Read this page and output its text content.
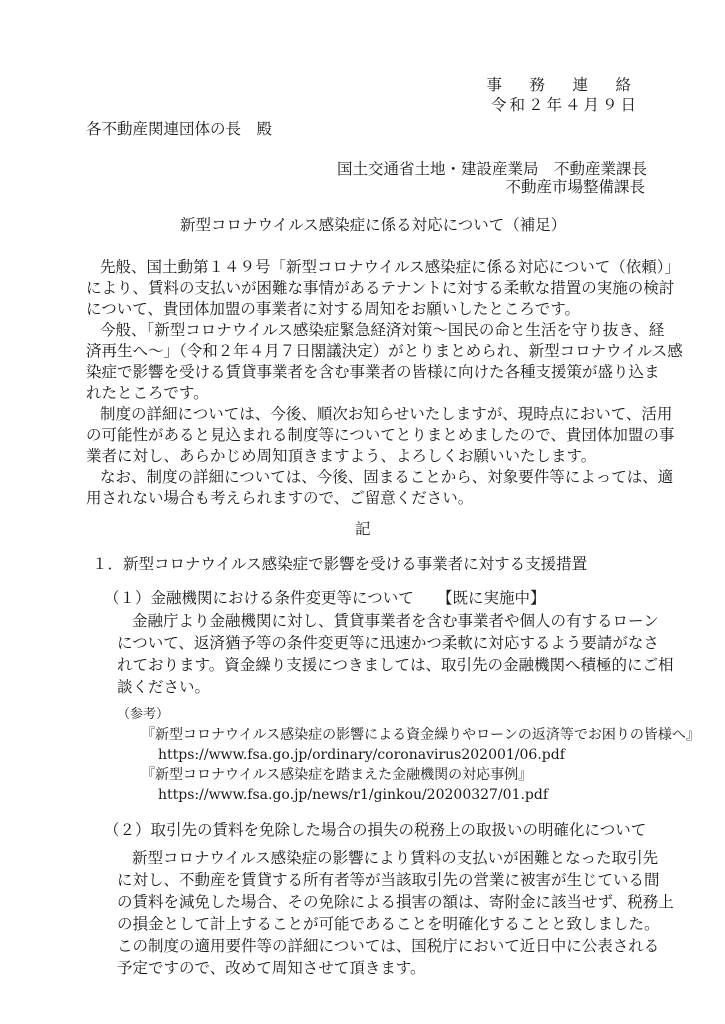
事　務　連　絡
令和２年４月９日
各不動産関連団体の長　殿
国土交通省土地・建設産業局　不動産業課長
不動産市場整備課長
新型コロナウイルス感染症に係る対応について（補足）
先般、国土動第１４９号「新型コロナウイルス感染症に係る対応について（依頼）」
により、賃料の支払いが困難な事情があるテナントに対する柔軟な措置の実施の検討
について、貴団体加盟の事業者に対する周知をお願いしたところです。
今般、「新型コロナウイルス感染症緊急経済対策～国民の命と生活を守り抜き、経
済再生へ～」（令和２年４月７日閣議決定）がとりまとめられ、新型コロナウイルス感
染症で影響を受ける賃貸事業者を含む事業者の皆様に向けた各種支援策が盛り込ま
れたところです。
制度の詳細については、今後、順次お知らせいたしますが、現時点において、活用
の可能性があると見込まれる制度等についてとりまとめましたので、貴団体加盟の事
業者に対し、あらかじめ周知頂きますよう、よろしくお願いいたします。
なお、制度の詳細については、今後、固まることから、対象要件等によっては、適
用されない場合も考えられますので、ご留意ください。
記
１．新型コロナウイルス感染症で影響を受ける事業者に対する支援措置
（１）金融機関における条件変更等について　　【既に実施中】
金融庁より金融機関に対し、賃貸事業者を含む事業者や個人の有するローン
について、返済猶予等の条件変更等に迅速かつ柔軟に対応するよう要請がなさ
れております。資金繰り支援につきましては、取引先の金融機関へ積極的にご相
談ください。
（参考）
『新型コロナウイルス感染症の影響による資金繰りやローンの返済等でお困りの皆様へ』
https://www.fsa.go.jp/ordinary/coronavirus202001/06.pdf
『新型コロナウイルス感染症を踏まえた金融機関の対応事例』
https://www.fsa.go.jp/news/r1/ginkou/20200327/01.pdf
（２）取引先の賃料を免除した場合の損失の税務上の取扱いの明確化について
新型コロナウイルス感染症の影響により賃料の支払いが困難となった取引先
に対し、不動産を賃貸する所有者等が当該取引先の営業に被害が生じている間
の賃料を減免した場合、その免除による損害の額は、寄附金に該当せず、税務上
の損金として計上することが可能であることを明確化することと致しました。
この制度の適用要件等の詳細については、国税庁において近日中に公表される
予定ですので、改めて周知させて頂きます。
